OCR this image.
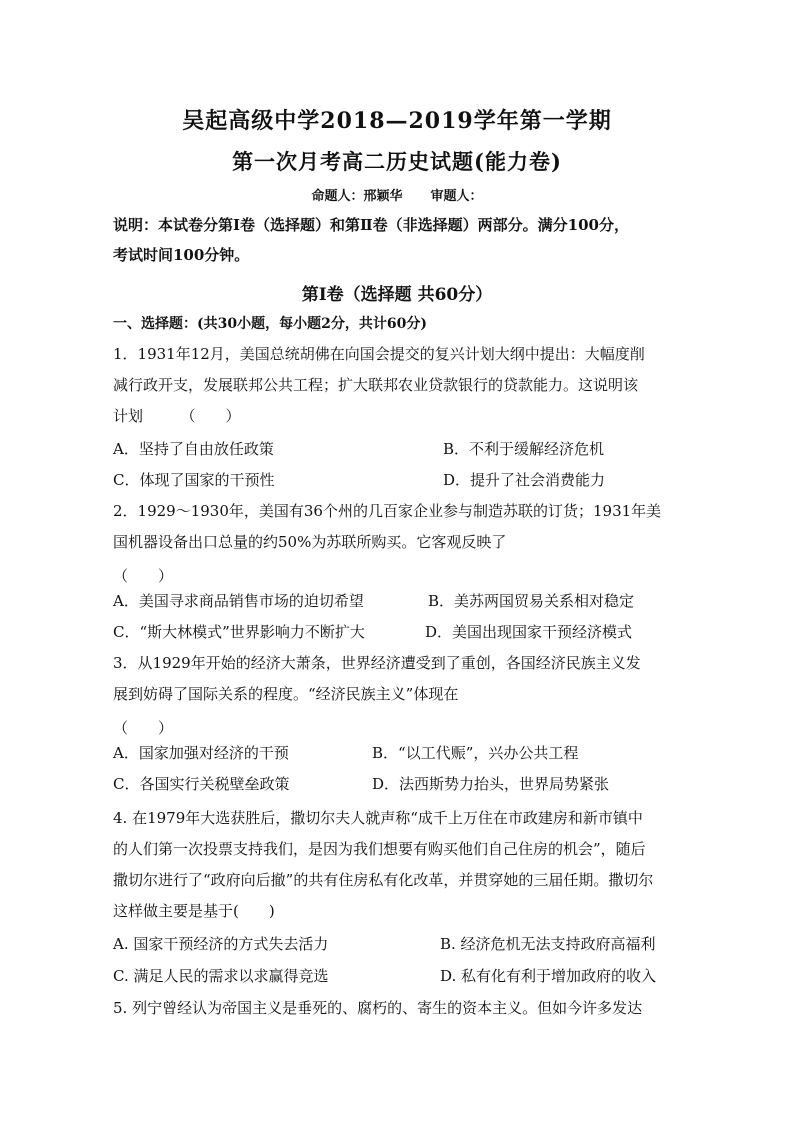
吴起高级中学2018—2019学年第一学期
第一次月考高二历史试题(能力卷)
命题人：邢颖华 审题人：
说明：本试卷分第Ⅰ卷（选择题）和第Ⅱ卷（非选择题）两部分。满分100分，
考试时间100分钟。
第Ⅰ卷（选择题 共60分）
一、选择题：(共30小题，每小题2分，共计60分)
1．1931年12月，美国总统胡佛在向国会提交的复兴计划大纲中提出：大幅度削
减行政开支，发展联邦公共工程；扩大联邦农业贷款银行的贷款能力。这说明该
计划　　　（　　）
A．坚持了自由放任政策	B．不利于缓解经济危机
C．体现了国家的干预性	D．提升了社会消费能力
2．1929～1930年，美国有36个州的几百家企业参与制造苏联的订货；1931年美
国机器设备出口总量的约50%为苏联所购买。它客观反映了
（　　）
A．美国寻求商品销售市场的迫切希望	B．美苏两国贸易关系相对稳定
C．“斯大林模式”世界影响力不断扩大	D．美国出现国家干预经济模式
3．从1929年开始的经济大萧条，世界经济遭受到了重创，各国经济民族主义发
展到妨碍了国际关系的程度。“经济民族主义”体现在
（　　）
A．国家加强对经济的干预	B．“以工代赈”，兴办公共工程
C．各国实行关税壁垒政策	D．法西斯势力抬头，世界局势紧张
4. 在1979年大选获胜后，撒切尔夫人就声称“成千上万住在市政建房和新市镇中
的人们第一次投票支持我们，是因为我们想要有购买他们自己住房的机会”，随后
撒切尔进行了“政府向后撤”的共有住房私有化改革，并贯穿她的三届任期。撒切尔
这样做主要是基于(　　)
A. 国家干预经济的方式失去活力	B. 经济危机无法支持政府高福利
C. 满足人民的需求以求赢得竞选	D. 私有化有利于增加政府的收入
5. 列宁曾经认为帝国主义是垂死的、腐朽的、寄生的资本主义。但如今许多发达
